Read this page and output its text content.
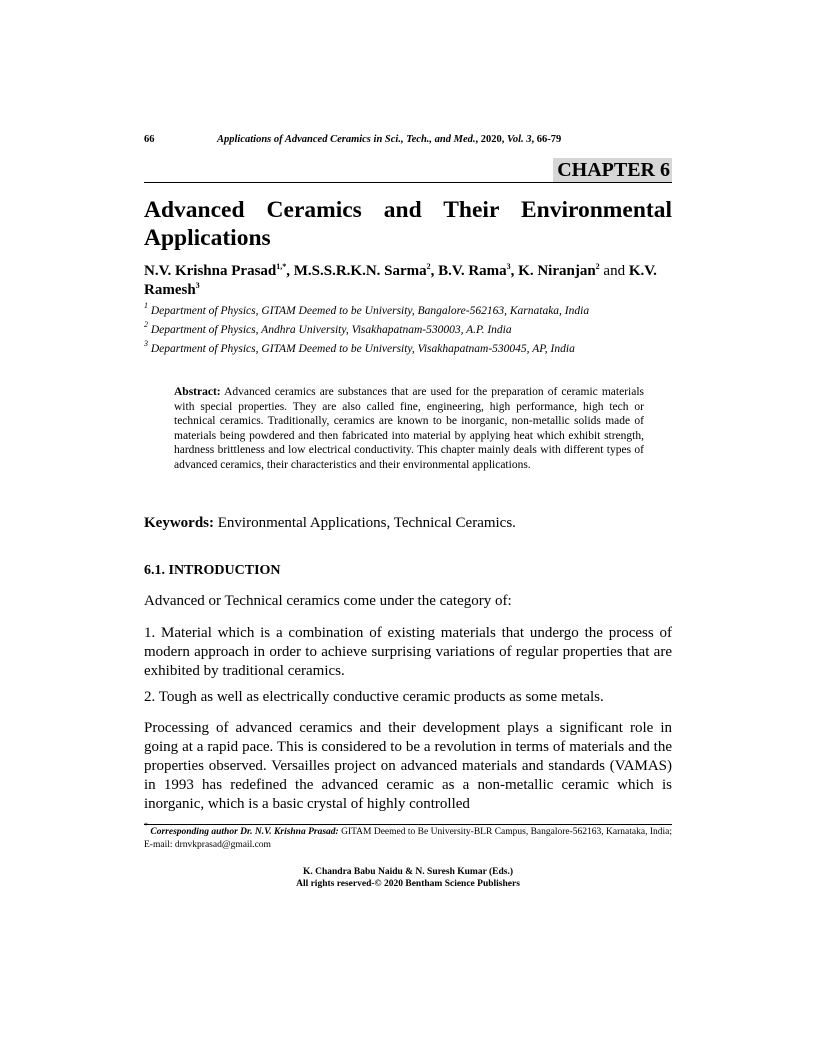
66	Applications of Advanced Ceramics in Sci., Tech., and Med., 2020, Vol. 3, 66-79
CHAPTER 6
Advanced Ceramics and Their Environmental Applications

N.V. Krishna Prasad$^{1,*}$, M.S.S.R.K.N. Sarma$^2$, B.V. Rama$^3$, K. Niranjan$^2$ and K.V. Ramesh$^3$

$^1$ Department of Physics, GITAM Deemed to be University, Bangalore-562163, Karnataka, India
$^2$ Department of Physics, Andhra University, Visakhapatnam-530003, A.P. India
$^3$ Department of Physics, GITAM Deemed to be University, Visakhapatnam-530045, AP, India

Abstract: Advanced ceramics are substances that are used for the preparation of ceramic materials with special properties. They are also called fine, engineering, high performance, high tech or technical ceramics. Traditionally, ceramics are known to be inorganic, non-metallic solids made of materials being powdered and then fabricated into material by applying heat which exhibit strength, hardness brittleness and low electrical conductivity. This chapter mainly deals with different types of advanced ceramics, their characteristics and their environmental applications.

Keywords: Environmental Applications, Technical Ceramics.

6.1. INTRODUCTION

Advanced or Technical ceramics come under the category of:

1. Material which is a combination of existing materials that undergo the process of modern approach in order to achieve surprising variations of regular properties that are exhibited by traditional ceramics.

2. Tough as well as electrically conductive ceramic products as some metals.

Processing of advanced ceramics and their development plays a significant role in going at a rapid pace. This is considered to be a revolution in terms of materials and the properties observed. Versailles project on advanced materials and standards (VAMAS) in 1993 has redefined the advanced ceramic as a non-metallic ceramic which is inorganic, which is a basic crystal of highly controlled

* Corresponding author Dr. N.V. Krishna Prasad: GITAM Deemed to Be University-BLR Campus, Bangalore-562163, Karnataka, India; E-mail: drnvkprasad@gmail.com

K. Chandra Babu Naidu & N. Suresh Kumar (Eds.)
All rights reserved-© 2020 Bentham Science Publishers
